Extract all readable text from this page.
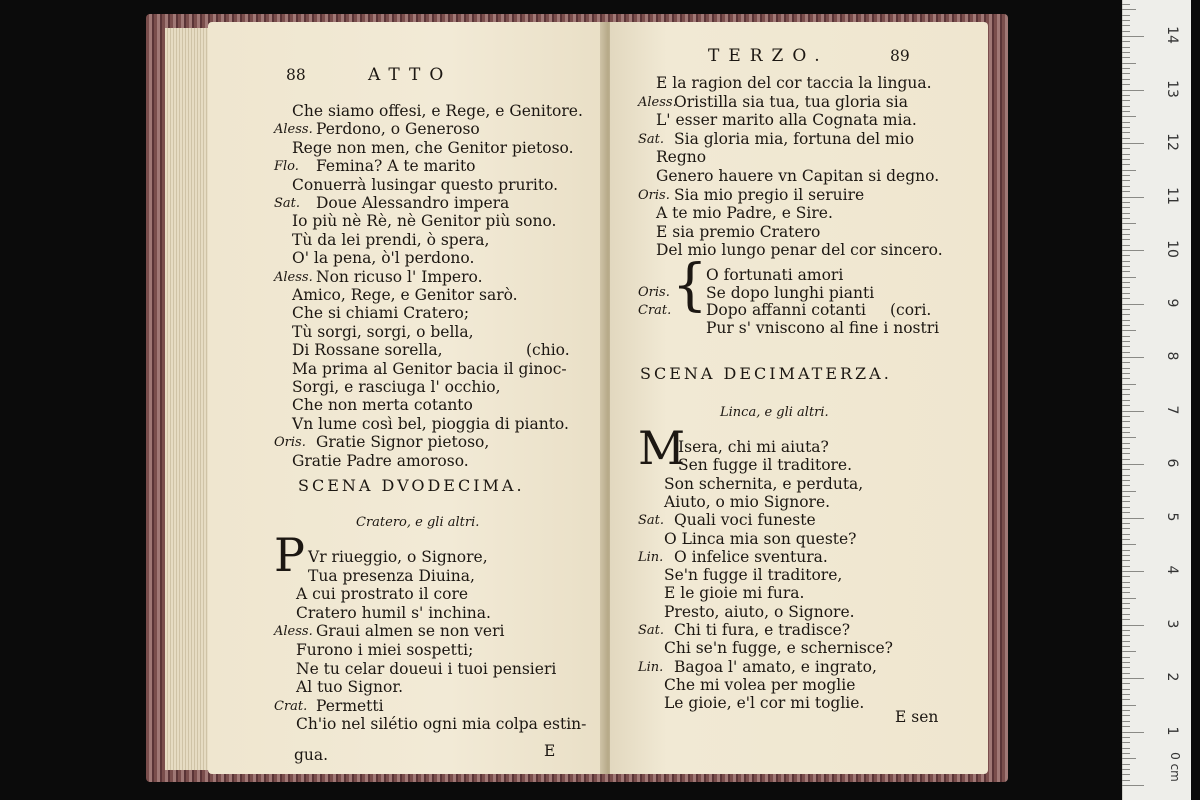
88	ATTO
Che siamo offesi, e Rege, e Genitore.
Aless. Perdono, o Generoso
Rege non men, che Genitor pietoso.
Flo. Femina? A te marito
Conuerrà lusingar questo prurito.
Sat. Doue Alessandro impera
Io più nè Rè, nè Genitor più sono.
Tù da lei prendi, ò spera,
O' la pena, ò'l perdono.
Aless. Non ricuso l' Impero.
Amico, Rege, e Genitor sarò.
Che si chiami Cratero;
Tù sorgi, sorgi, o bella,
Di Rossane sorella,	(chio.
Ma prima al Genitor bacia il ginoc-
Sorgi, e rasciuga l' occhio,
Che non merta cotanto
Vn lume così bel, pioggia di pianto.
Oris. Gratie Signor pietoso,
Gratie Padre amoroso.
SCENA DVODECIMA.
Cratero, e gli altri.
P Vr riueggio, o Signore,
Tua presenza Diuina,
A cui prostrato il core
Cratero humil s' inchina.
Aless. Graui almen se non veri
Furono i miei sospetti;
Ne tu celar doueui i tuoi pensieri
Al tuo Signor.
Crat. Permetti
Ch'io nel silétio ogni mia colpa estin-
gua.	E
TERZO.	89
E la ragion del cor taccia la lingua.
Aless.
Oristilla sia tua, tua gloria sia
L' esser marito alla Cognata mia.
Sat. Sia gloria mia, fortuna del mio
Regno
Genero hauere vn Capitan si degno.
Oris. Sia mio pregio il seruire
A te mio Padre, e Sire.
E sia premio Cratero
Del mio lungo penar del cor sincero.
{
O fortunati amori
Se dopo lunghi pianti
Dopo affanni cotanti
Pur s' vniscono al fine i nostri
Oris.
Crat.	(cori.
SCENA DECIMATERZA.
Linca, e gli altri.
M
Isera, chi mi aiuta?
Sen fugge il traditore.
Son schernita, e perduta,
Aiuto, o mio Signore.
Sat. Quali voci funeste
O Linca mia son queste?
Lin. O infelice sventura.
Se'n fugge il traditore,
E le gioie mi fura.
Presto, aiuto, o Signore.
Sat. Chi ti fura, e tradisce?
Chi se'n fugge, e schernisce?
Lin. Bagoa l' amato, e ingrato,
Che mi volea per moglie
Le gioie, e'l cor mi toglie.
E sen
14
13
12
11
10
9
8
7
6
5
4
3
2
1
0 cm
